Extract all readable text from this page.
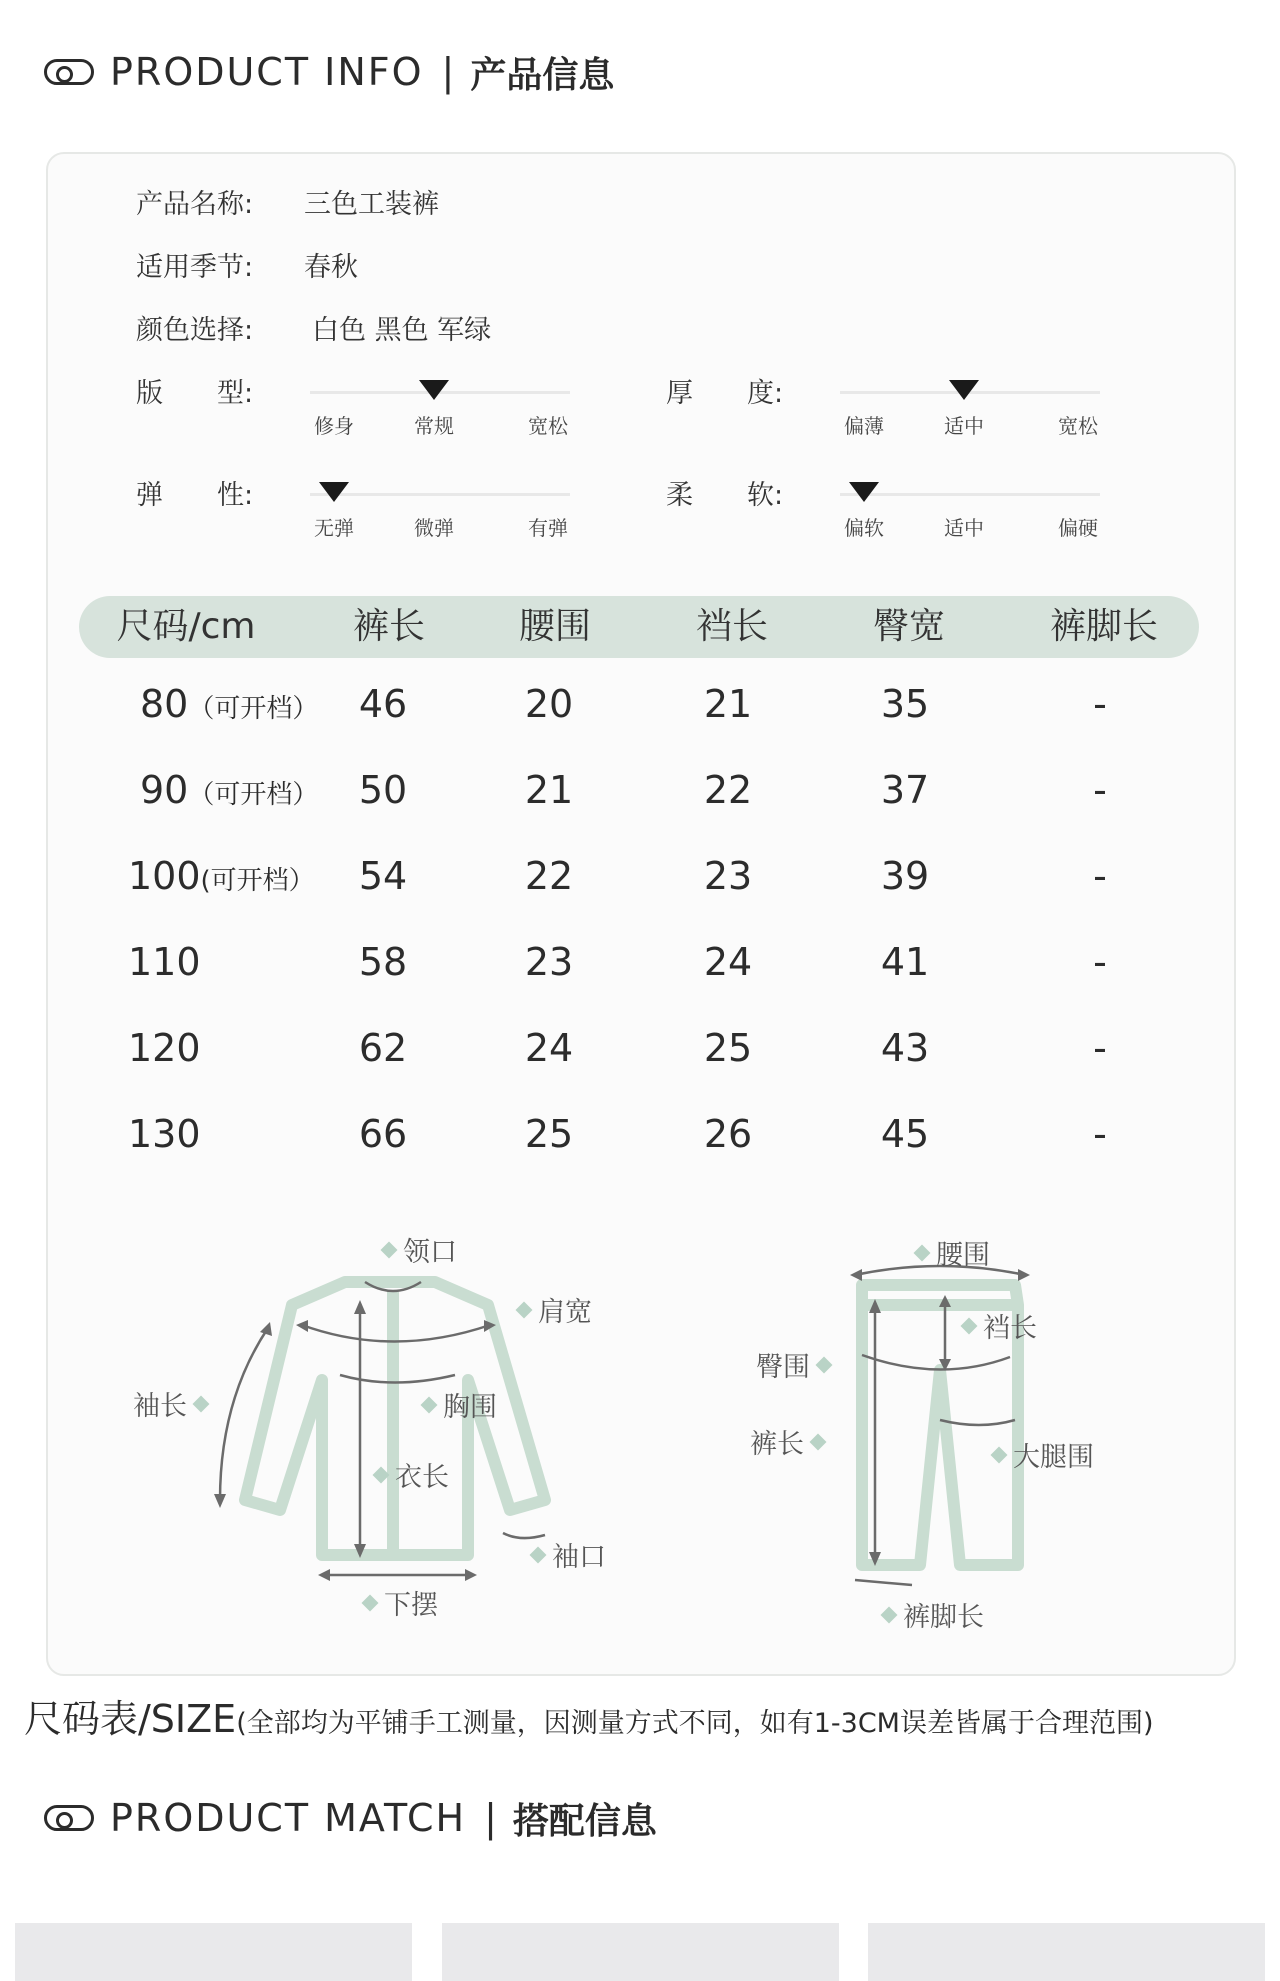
PRODUCT INFO | 产品信息
产品名称:	三色工装裤
适用季节:	春秋
颜色选择:	白色 黑色 军绿
版　　型:
修身	常规	宽松
厚　　度:
偏薄	适中	宽松
弹　　性:
无弹	微弹	有弹
柔　　软:
偏软	适中	偏硬
尺码/cm	裤长	腰围	裆长	臀宽	裤脚长
80（可开档） 46	20	21	35	-
90（可开档） 50	21	22	37	-
100(可开档） 54	22	23	39	-
110	58	23	24	41	-
120	62	24	25	43	-
130	66	25	26	45	-
领口
肩宽
袖长	胸围
衣长
袖口
下摆
腰围
裆长
臀围
裤长	大腿围
裤脚长
尺码表/SIZE(全部均为平铺手工测量，因测量方式不同，如有1-3CM误差皆属于合理范围)
PRODUCT MATCH | 搭配信息
